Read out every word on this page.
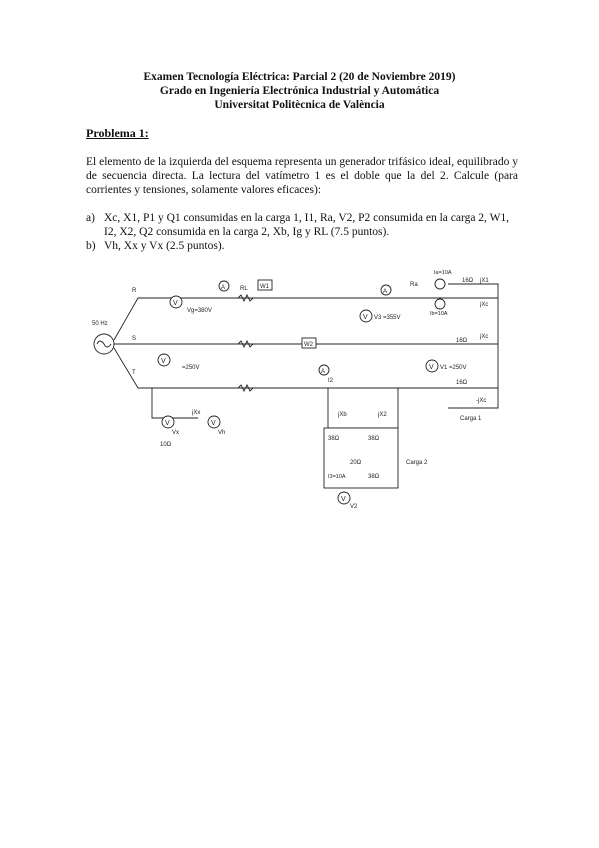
Examen Tecnología Eléctrica: Parcial 2 (20 de Noviembre 2019)
Grado en Ingeniería Electrónica Industrial y Automática
Universitat Politècnica de València
Problema 1:
El elemento de la izquierda del esquema representa un generador trifásico ideal, equilibrado y de secuencia directa. La lectura del vatímetro 1 es el doble que la del 2. Calcule (para corrientes y tensiones, solamente valores eficaces):
a) Xc, X1, P1 y Q1 consumidas en la carga 1, I1, Ra, V2, P2 consumida en la carga 2, W1, I2, X2, Q2 consumida en la carga 2, Xb, Ig y RL (7.5 puntos).
b) Vh, Xx y Vx (2.5 puntos).
50 Hz
R
S
T
RL
V
Vg=380V
V
=250V
A
V
Vx
V
Vh
jXx
10Ω
W1
W2
V V3 =355V
A
Ra
A
I2
Ia=10A
Ib=10A
16Ω jX1
jXc
16Ω
jXc
16Ω
-jXc
Carga 1
V V1 =250V
jXb	jX2
38Ω	38Ω
20Ω
I3=10A	38Ω
Carga 2
V
V2
